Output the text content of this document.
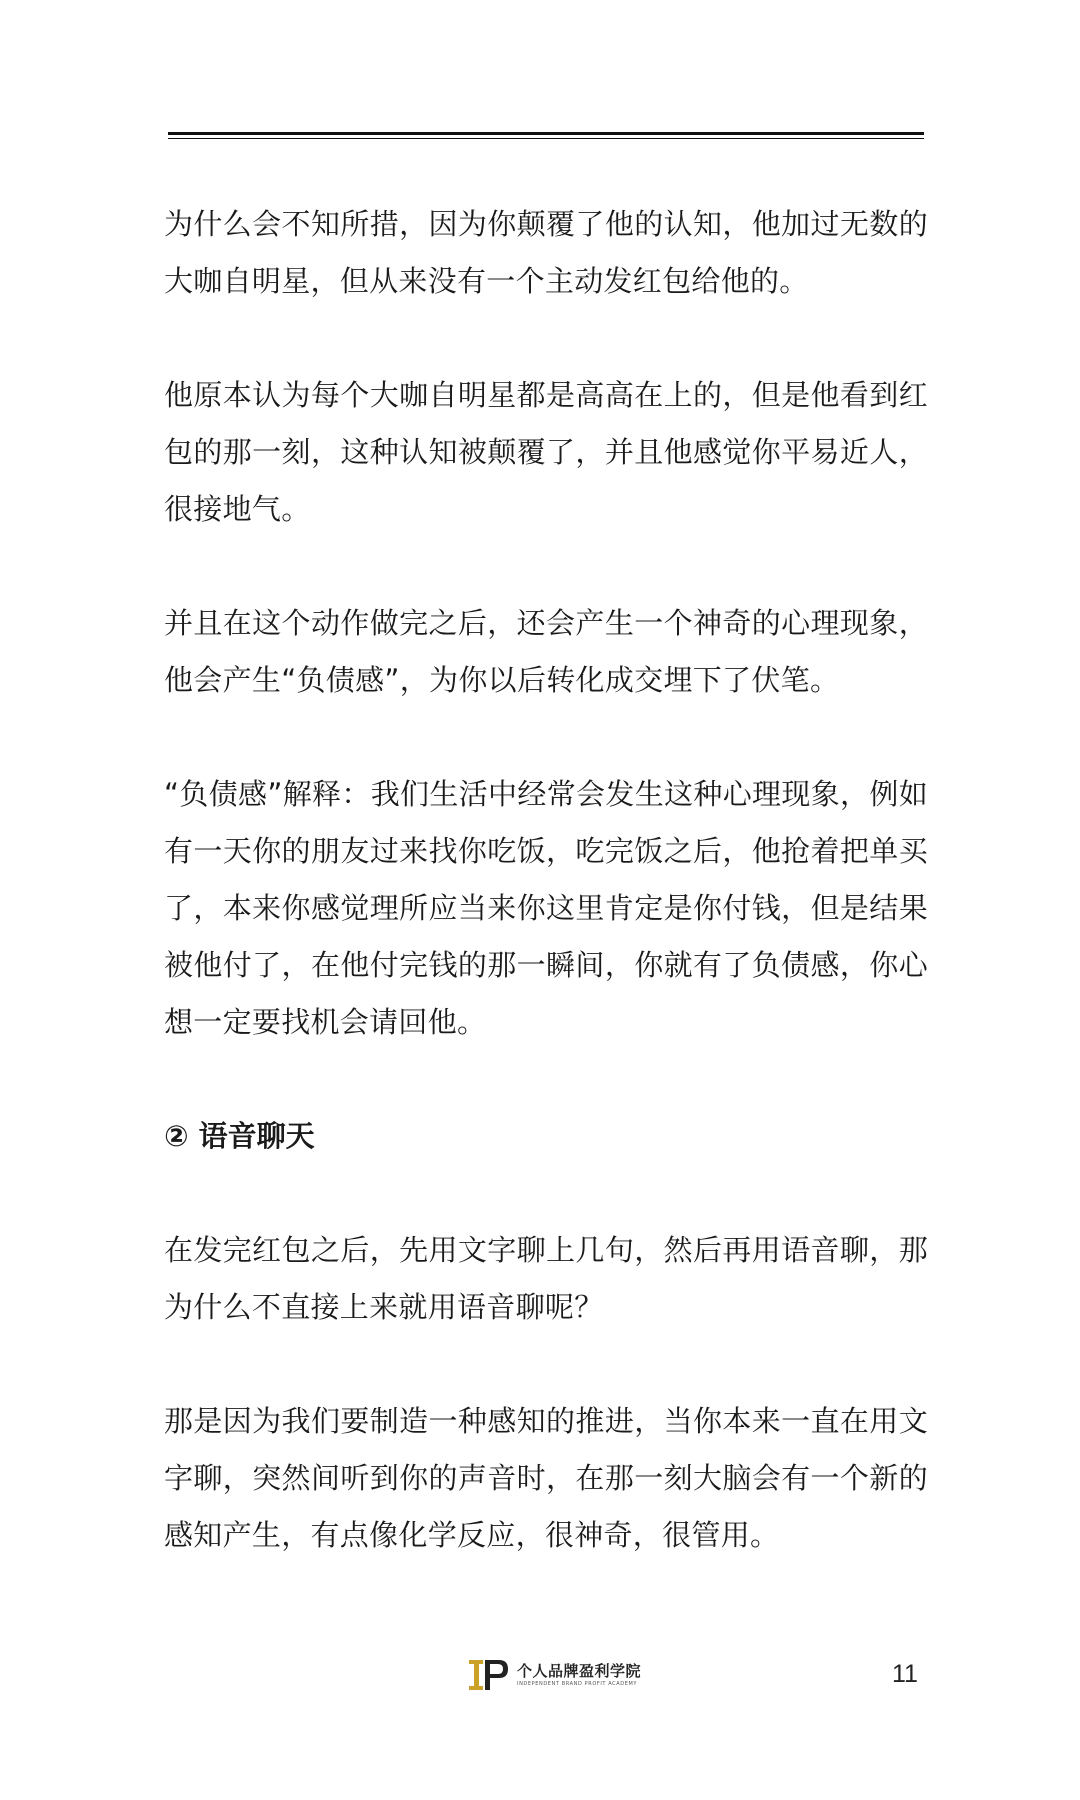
为什么会不知所措，因为你颠覆了他的认知，他加过无数的大咖自明星，但从来没有一个主动发红包给他的。

他原本认为每个大咖自明星都是高高在上的，但是他看到红包的那一刻，这种认知被颠覆了，并且他感觉你平易近人，很接地气。

并且在这个动作做完之后，还会产生一个神奇的心理现象，他会产生“负债感”，为你以后转化成交埋下了伏笔。

“负债感”解释：我们生活中经常会发生这种心理现象，例如有一天你的朋友过来找你吃饭，吃完饭之后，他抢着把单买了，本来你感觉理所应当来你这里肯定是你付钱，但是结果被他付了，在他付完钱的那一瞬间，你就有了负债感，你心想一定要找机会请回他。

② 语音聊天

在发完红包之后，先用文字聊上几句，然后再用语音聊，那为什么不直接上来就用语音聊呢？

那是因为我们要制造一种感知的推进，当你本来一直在用文字聊，突然间听到你的声音时，在那一刻大脑会有一个新的感知产生，有点像化学反应，很神奇，很管用。

个人品牌盈利学院
INDEPENDENT BRAND PROFIT ACADEMY	11
